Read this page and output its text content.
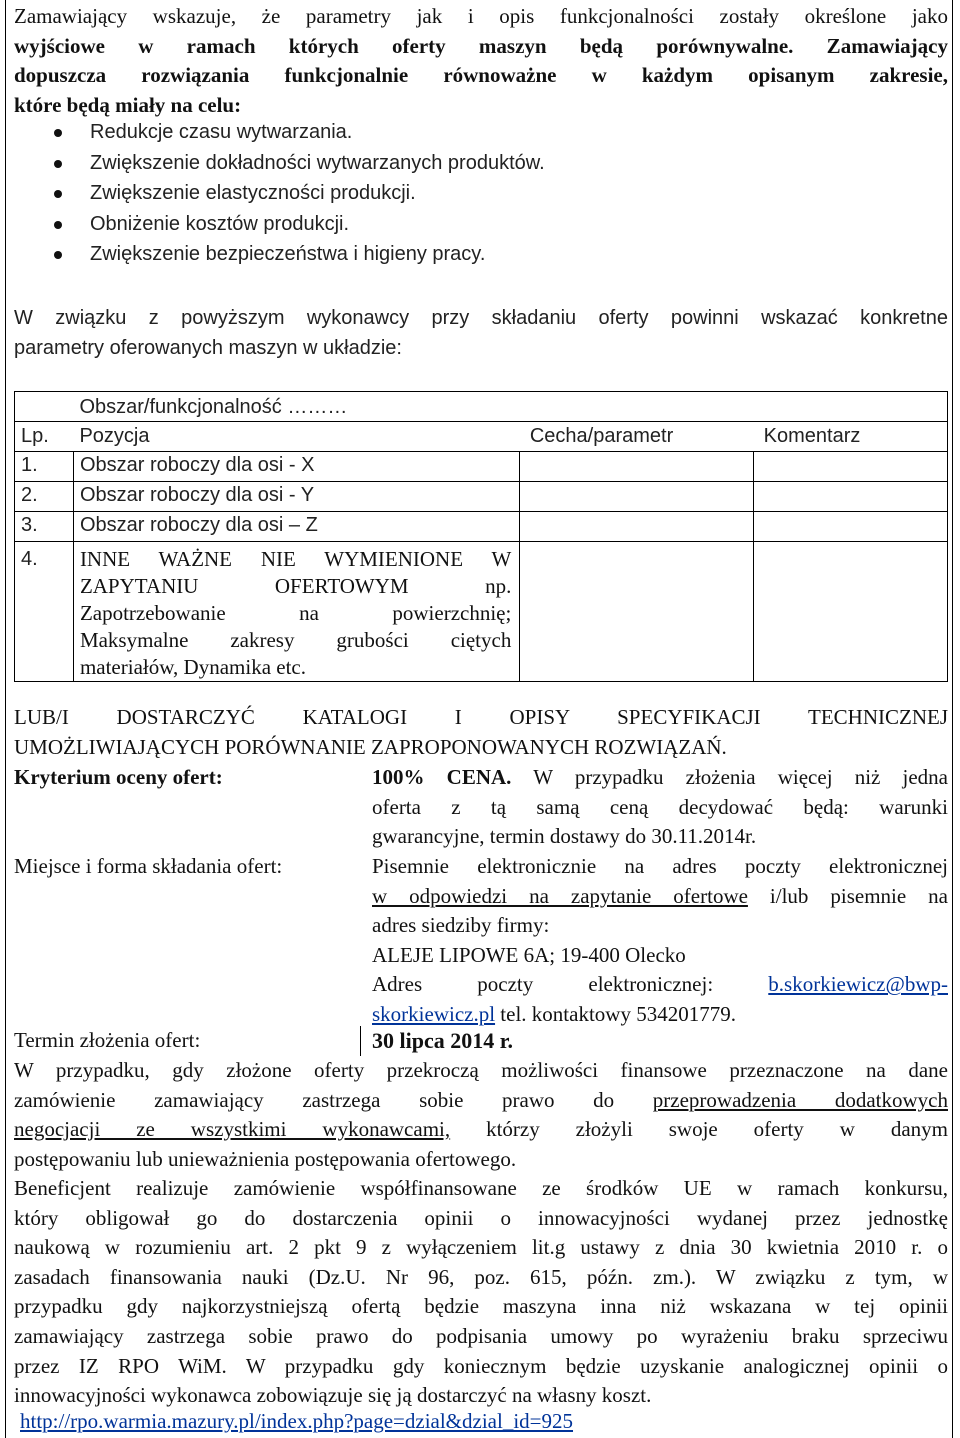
Zamawiający wskazuje, że parametry jak i opis funkcjonalności zostały określone jako
wyjściowe w ramach których oferty maszyn będą porównywalne. Zamawiający
dopuszcza rozwiązania funkcjonalnie równoważne w każdym opisanym zakresie,
które będą miały na celu:
Redukcje czasu wytwarzania.
Zwiększenie dokładności wytwarzanych produktów.
Zwiększenie elastyczności produkcji.
Obniżenie kosztów produkcji.
Zwiększenie bezpieczeństwa i higieny pracy.
W związku z powyższym wykonawcy przy składaniu oferty powinni wskazać konkretne
parametry oferowanych maszyn w układzie:
	Obszar/funkcjonalność ………		
Lp.	Pozycja	Cecha/parametr	Komentarz
1.	Obszar roboczy dla osi - X		
2.	Obszar roboczy dla osi - Y		
3.	Obszar roboczy dla osi – Z		
4.	INNE WAŻNE NIE WYMIENIONE W
ZAPYTANIU OFERTOWYM np.
Zapotrzebowanie na powierzchnię;
Maksymalne zakresy grubości ciętych
materiałów, Dynamika etc.		

LUB/I DOSTARCZYĆ KATALOGI I OPISY SPECYFIKACJI TECHNICZNEJ
UMOŻLIWIAJĄCYCH PORÓWNANIE ZAPROPONOWANYCH ROZWIĄZAŃ.
Kryterium oceny ofert:	100% CENA. W przypadku złożenia więcej niż jedna
oferta z tą samą ceną decydować będą: warunki
gwarancyjne, termin dostawy do 30.11.2014r.
Miejsce i forma składania ofert:	Pisemnie elektronicznie na adres poczty elektronicznej
w odpowiedzi na zapytanie ofertowe i/lub pisemnie na
adres siedziby firmy:
ALEJE LIPOWE 6A; 19-400 Olecko
Adres poczty elektronicznej:	b.skorkiewicz@bwp-
skorkiewicz.pl tel. kontaktowy 534201779.
Termin złożenia ofert:	30 lipca 2014 r.
W przypadku, gdy złożone oferty przekroczą możliwości finansowe przeznaczone na dane
zamówienie zamawiający zastrzega sobie prawo do przeprowadzenia dodatkowych
negocjacji ze wszystkimi wykonawcami, którzy złożyli swoje oferty w danym
postępowaniu lub unieważnienia postępowania ofertowego.
Beneficjent realizuje zamówienie współfinansowane ze środków UE w ramach konkursu,
który obligował go do dostarczenia opinii o innowacyjności wydanej przez jednostkę
naukową w rozumieniu art. 2 pkt 9 z wyłączeniem lit.g ustawy z dnia 30 kwietnia 2010 r. o
zasadach finansowania nauki (Dz.U. Nr 96, poz. 615, późn. zm.). W związku z tym, w
przypadku gdy najkorzystniejszą ofertą będzie maszyna inna niż wskazana w tej opinii
zamawiający zastrzega sobie prawo do podpisania umowy po wyrażeniu braku sprzeciwu
przez IZ RPO WiM. W przypadku gdy koniecznym będzie uzyskanie analogicznej opinii o
innowacyjności wykonawca zobowiązuje się ją dostarczyć na własny koszt.
http://rpo.warmia.mazury.pl/index.php?page=dzial&dzial_id=925
